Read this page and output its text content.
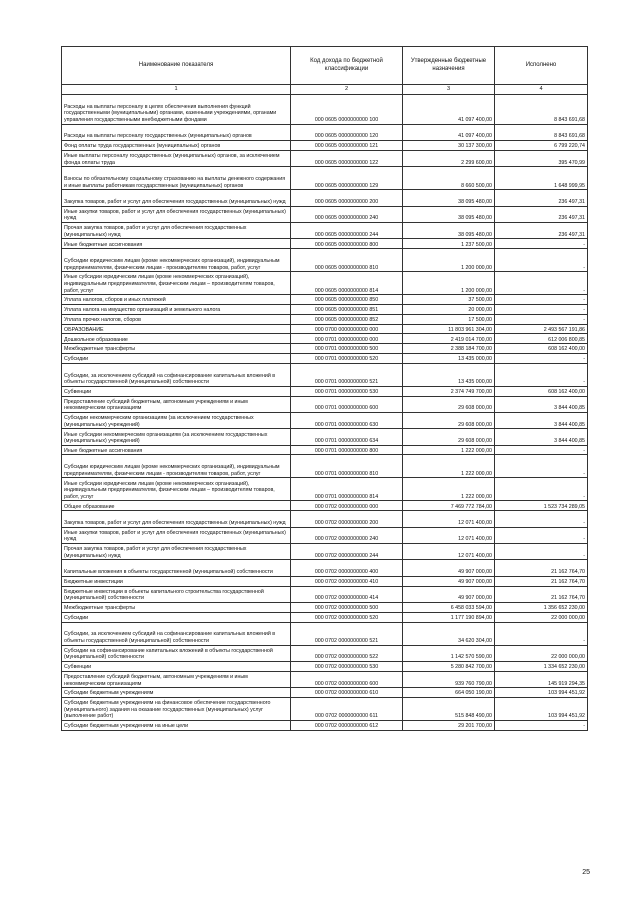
Наименование показателя	Код дохода по бюджетной классификации	Утвержденные бюджетные назначения	Исполнено
1	2	3	4
Расходы на выплаты персоналу в целях обеспечения выполнения функций государственными (муниципальными) органами, казенными учреждениями, органами управления государственными внебюджетными фондами	000 0605 0000000000 100	41 097 400,00	8 843 691,68
Расходы на выплаты персоналу государственных (муниципальных) органов	000 0605 0000000000 120	41 097 400,00	8 843 691,68
Фонд оплаты труда государственных (муниципальных) органов	000 0605 0000000000 121	30 137 300,00	6 799 220,74
Иные выплаты персоналу государственных (муниципальных) органов, за исключением фонда оплаты труда	000 0605 0000000000 122	2 299 600,00	395 470,99
Взносы по обязательному социальному страхованию на выплаты денежного содержания и иные выплаты работникам государственных (муниципальных) органов	000 0605 0000000000 129	8 660 500,00	1 648 999,95
Закупка товаров, работ и услуг для обеспечения государственных (муниципальных) нужд	000 0605 0000000000 200	38 095 480,00	236 497,31
Иные закупки товаров, работ и услуг для обеспечения государственных (муниципальных) нужд	000 0605 0000000000 240	38 095 480,00	236 497,31
Прочая закупка товаров, работ и услуг для обеспечения государственных (муниципальных) нужд	000 0605 0000000000 244	38 095 480,00	236 497,31
Иные бюджетные ассигнования	000 0605 0000000000 800	1 237 500,00	-
Субсидии юридическим лицам (кроме некоммерческих организаций), индивидуальным предпринимателям, физическим лицам - производителям товаров, работ, услуг	000 0605 0000000000 810	1 200 000,00	-
Иные субсидии юридическим лицам (кроме некоммерческих организаций), индивидуальным предпринимателям, физическим лицам – производителям товаров, работ, услуг	000 0605 0000000000 814	1 200 000,00	-
Уплата налогов, сборов и иных платежей	000 0605 0000000000 850	37 500,00	-
Уплата налога на имущество организаций и земельного налога	000 0605 0000000000 851	20 000,00	-
Уплата прочих налогов, сборов	000 0605 0000000000 852	17 500,00	-
ОБРАЗОВАНИЕ	000 0700 0000000000 000	11 803 961 304,00	2 493 567 191,86
Дошкольное образование	000 0701 0000000000 000	2 419 014 700,00	612 006 800,85
Межбюджетные трансферты	000 0701 0000000000 500	2 388 184 700,00	608 162 400,00
Субсидии	000 0701 0000000000 520	13 435 000,00	-
Субсидии, за исключением субсидий на софинансирование капитальных вложений в объекты государственной (муниципальной) собственности	000 0701 0000000000 521	13 435 000,00	-
Субвенции	000 0701 0000000000 530	2 374 749 700,00	608 162 400,00
Предоставление субсидий бюджетным, автономным учреждениям и иным некоммерческим организациям	000 0701 0000000000 600	29 608 000,00	3 844 400,85
Субсидии некоммерческим организациям (за исключением государственных (муниципальных) учреждений)	000 0701 0000000000 630	29 608 000,00	3 844 400,85
Иные субсидии некоммерческим организациям (за исключением государственных (муниципальных) учреждений)	000 0701 0000000000 634	29 608 000,00	3 844 400,85
Иные бюджетные ассигнования	000 0701 0000000000 800	1 222 000,00	-
Субсидии юридическим лицам (кроме некоммерческих организаций), индивидуальным предпринимателям, физическим лицам - производителям товаров, работ, услуг	000 0701 0000000000 810	1 222 000,00	-
Иные субсидии юридическим лицам (кроме некоммерческих организаций), индивидуальным предпринимателям, физическим лицам – производителям товаров, работ, услуг	000 0701 0000000000 814	1 222 000,00	-
Общее образование	000 0702 0000000000 000	7 469 772 784,00	1 523 734 289,05
Закупка товаров, работ и услуг для обеспечения государственных (муниципальных) нужд	000 0702 0000000000 200	12 071 400,00	-
Иные закупки товаров, работ и услуг для обеспечения государственных (муниципальных) нужд	000 0702 0000000000 240	12 071 400,00	-
Прочая закупка товаров, работ и услуг для обеспечения государственных (муниципальных) нужд	000 0702 0000000000 244	12 071 400,00	-
Капитальные вложения в объекты государственной (муниципальной) собственности	000 0702 0000000000 400	49 907 000,00	21 162 764,70
Бюджетные инвестиции	000 0702 0000000000 410	49 907 000,00	21 162 764,70
Бюджетные инвестиции в объекты капитального строительства государственной (муниципальной) собственности	000 0702 0000000000 414	49 907 000,00	21 162 764,70
Межбюджетные трансферты	000 0702 0000000000 500	6 458 033 594,00	1 356 652 230,00
Субсидии	000 0702 0000000000 520	1 177 190 894,00	22 000 000,00
Субсидии, за исключением субсидий на софинансирование капитальных вложений в объекты государственной (муниципальной) собственности	000 0702 0000000000 521	34 620 304,00	-
Субсидии на софинансирование капитальных вложений в объекты государственной (муниципальной) собственности	000 0702 0000000000 522	1 142 570 590,00	22 000 000,00
Субвенции	000 0702 0000000000 530	5 280 842 700,00	1 334 652 230,00
Предоставление субсидий бюджетным, автономным учреждениям и иным некоммерческим организациям	000 0702 0000000000 600	939 760 790,00	145 919 294,35
Субсидии бюджетным учреждениям	000 0702 0000000000 610	664 050 190,00	103 994 451,92
Субсидии бюджетным учреждениям на финансовое обеспечение государственного (муниципального) задания на оказание государственных (муниципальных) услуг (выполнение работ)	000 0702 0000000000 611	515 848 490,00	103 994 451,92
Субсидии бюджетным учреждениям на иные цели	000 0702 0000000000 612	29 201 700,00	-
25
